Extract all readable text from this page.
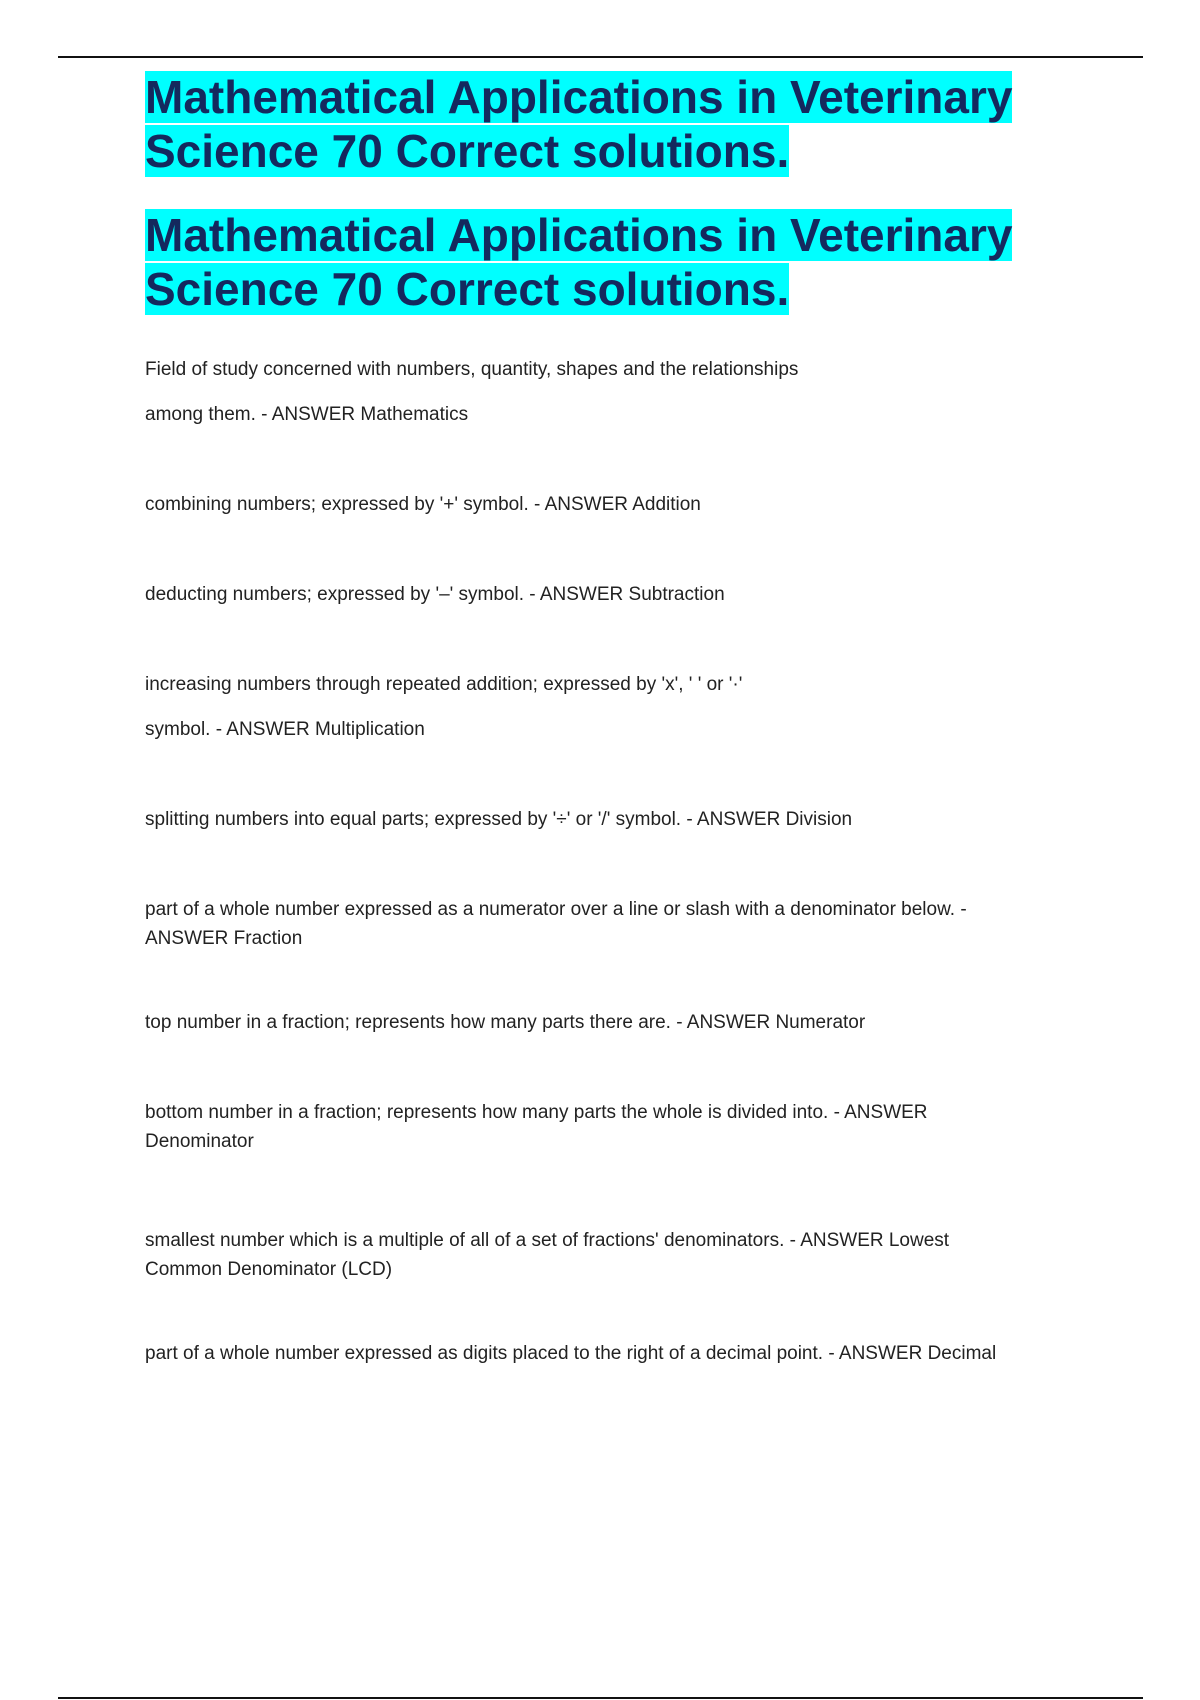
Mathematical Applications in Veterinary Science 70 Correct solutions.
Mathematical Applications in Veterinary Science 70 Correct solutions.
Field of study concerned with numbers, quantity, shapes and the relationships
among them. - ANSWER Mathematics
combining numbers; expressed by '+' symbol. - ANSWER Addition
deducting numbers; expressed by '–' symbol. - ANSWER Subtraction
increasing numbers through repeated addition; expressed by 'x', ' ' or '·'
symbol. - ANSWER Multiplication
splitting numbers into equal parts; expressed by '÷' or '/' symbol. - ANSWER Division
part of a whole number expressed as a numerator over a line or slash with a denominator below. -
ANSWER Fraction
top number in a fraction; represents how many parts there are. - ANSWER Numerator
bottom number in a fraction; represents how many parts the whole is divided into. - ANSWER
Denominator
smallest number which is a multiple of all of a set of fractions' denominators. - ANSWER Lowest
Common Denominator (LCD)
part of a whole number expressed as digits placed to the right of a decimal point. - ANSWER Decimal
